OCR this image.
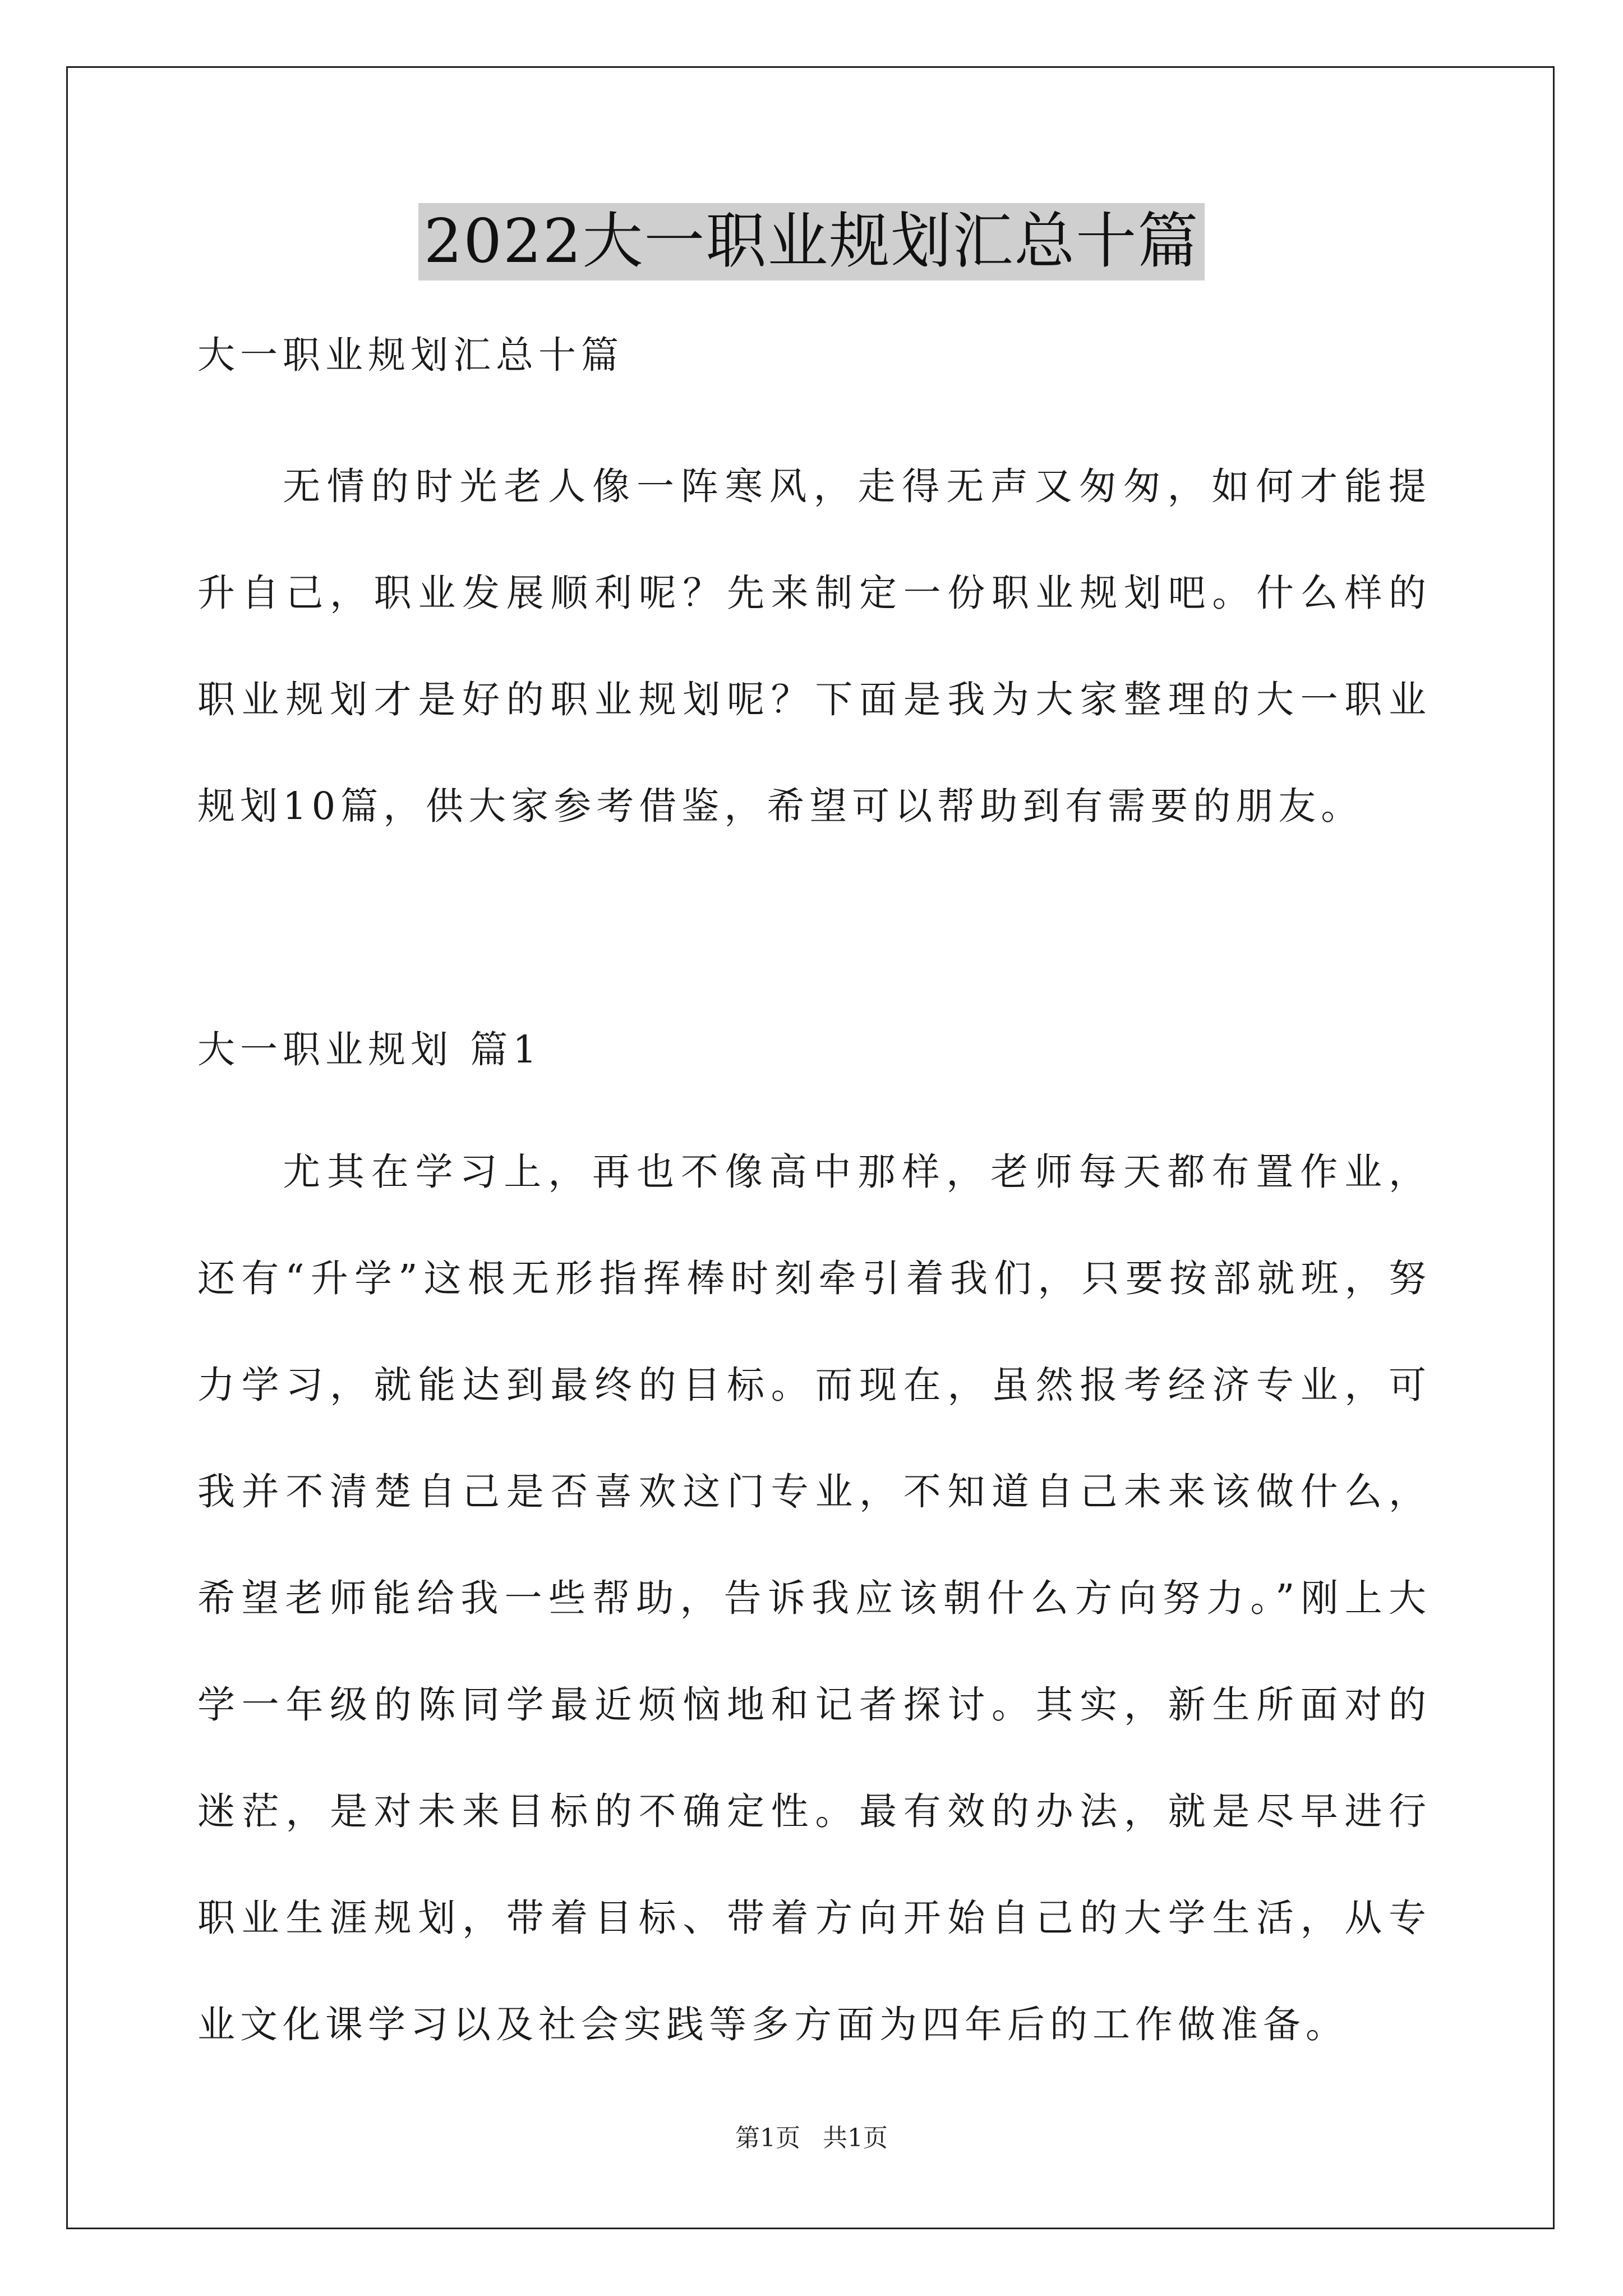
2022大一职业规划汇总十篇

大一职业规划汇总十篇

无情的时光老人像一阵寒风，走得无声又匆匆，如何才能提升自己，职业发展顺利呢？先来制定一份职业规划吧。什么样的职业规划才是好的职业规划呢？下面是我为大家整理的大一职业规划10篇，供大家参考借鉴，希望可以帮助到有需要的朋友。

大一职业规划 篇1

尤其在学习上，再也不像高中那样，老师每天都布置作业，还有“升学”这根无形指挥棒时刻牵引着我们，只要按部就班，努力学习，就能达到最终的目标。而现在，虽然报考经济专业，可我并不清楚自己是否喜欢这门专业，不知道自己未来该做什么，希望老师能给我一些帮助，告诉我应该朝什么方向努力。”刚上大学一年级的陈同学最近烦恼地和记者探讨。其实，新生所面对的迷茫，是对未来目标的不确定性。最有效的办法，就是尽早进行职业生涯规划，带着目标、带着方向开始自己的大学生活，从专业文化课学习以及社会实践等多方面为四年后的工作做准备。

第1页 共1页
